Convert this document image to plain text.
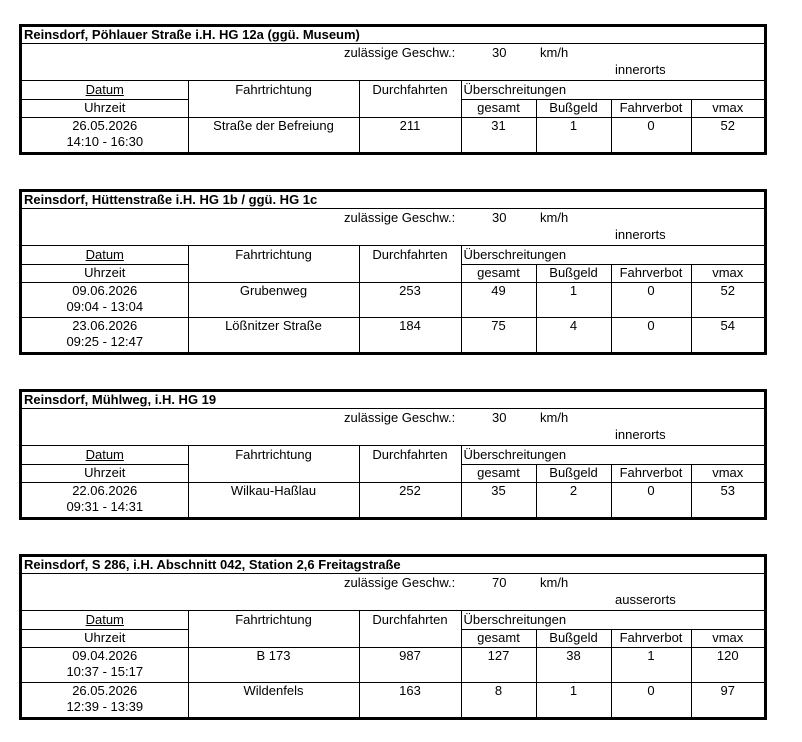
Reinsdorf, Pöhlauer Straße i.H. HG 12a (ggü. Museum)
zulässige Geschw.:	30	km/h
innerorts
Datum	Fahrtrichtung	Durchfahrten	Überschreitungen			
Uhrzeit			gesamt	Bußgeld	Fahrverbot	vmax

26.05.2026
14:10 - 16:30	Straße der Befreiung	211	31	1	0	52
Reinsdorf, Hüttenstraße i.H. HG 1b / ggü. HG 1c
zulässige Geschw.:	30	km/h
innerorts
Datum	Fahrtrichtung	Durchfahrten	Überschreitungen			
Uhrzeit			gesamt	Bußgeld	Fahrverbot	vmax

09.06.2026
09:04 - 13:04	Grubenweg	253	49	1	0	52

23.06.2026
09:25 - 12:47	Lößnitzer Straße	184	75	4	0	54
Reinsdorf, Mühlweg, i.H. HG 19
zulässige Geschw.:	30	km/h
innerorts
Datum	Fahrtrichtung	Durchfahrten	Überschreitungen			
Uhrzeit			gesamt	Bußgeld	Fahrverbot	vmax

22.06.2026
09:31 - 14:31	Wilkau-Haßlau	252	35	2	0	53
Reinsdorf, S 286, i.H. Abschnitt 042, Station 2,6 Freitagstraße
zulässige Geschw.:	70	km/h
ausserorts
Datum	Fahrtrichtung	Durchfahrten	Überschreitungen			
Uhrzeit			gesamt	Bußgeld	Fahrverbot	vmax

09.04.2026
10:37 - 15:17	B 173	987	127	38	1	120

26.05.2026
12:39 - 13:39	Wildenfels	163	8	1	0	97
